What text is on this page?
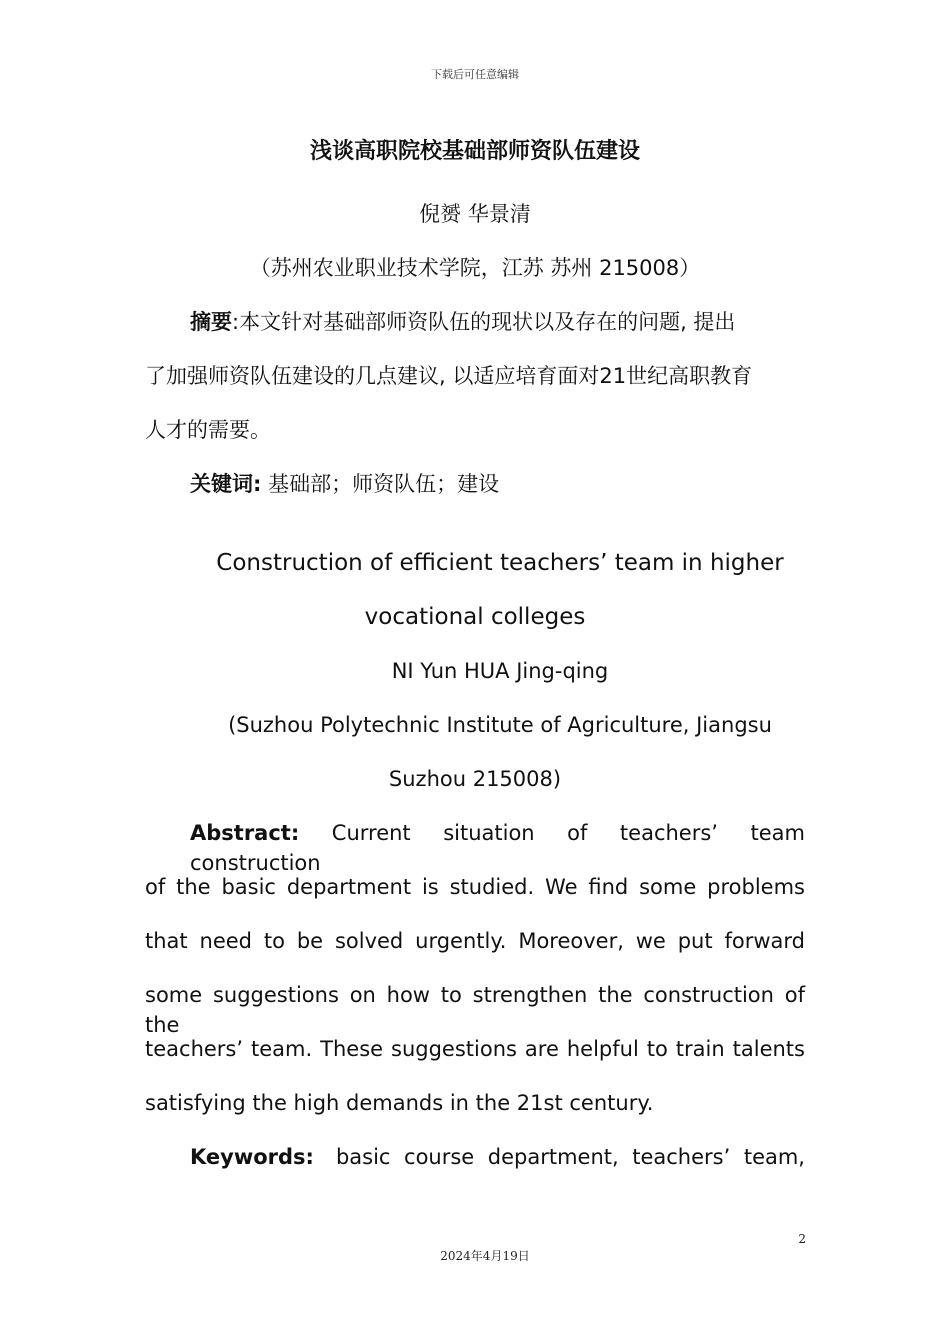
下载后可任意编辑
浅谈高职院校基础部师资队伍建设
倪赟 华景清
（苏州农业职业技术学院，江苏 苏州 215008）
摘要:本文针对基础部师资队伍的现状以及存在的问题, 提出
了加强师资队伍建设的几点建议, 以适应培育面对21世纪高职教育
人才的需要。
关键词: 基础部；师资队伍；建设
Construction of efficient teachers’ team in higher
vocational colleges
NI Yun HUA Jing-qing
(Suzhou Polytechnic Institute of Agriculture, Jiangsu
Suzhou 215008)
Abstract: Current situation of teachers’ team construction
of the basic department is studied. We find some problems
that need to be solved urgently. Moreover, we put forward
some suggestions on how to strengthen the construction of the
teachers’ team. These suggestions are helpful to train talents
satisfying the high demands in the 21st century.
Keywords: basic course department, teachers’ team,
2
2024年4月19日
